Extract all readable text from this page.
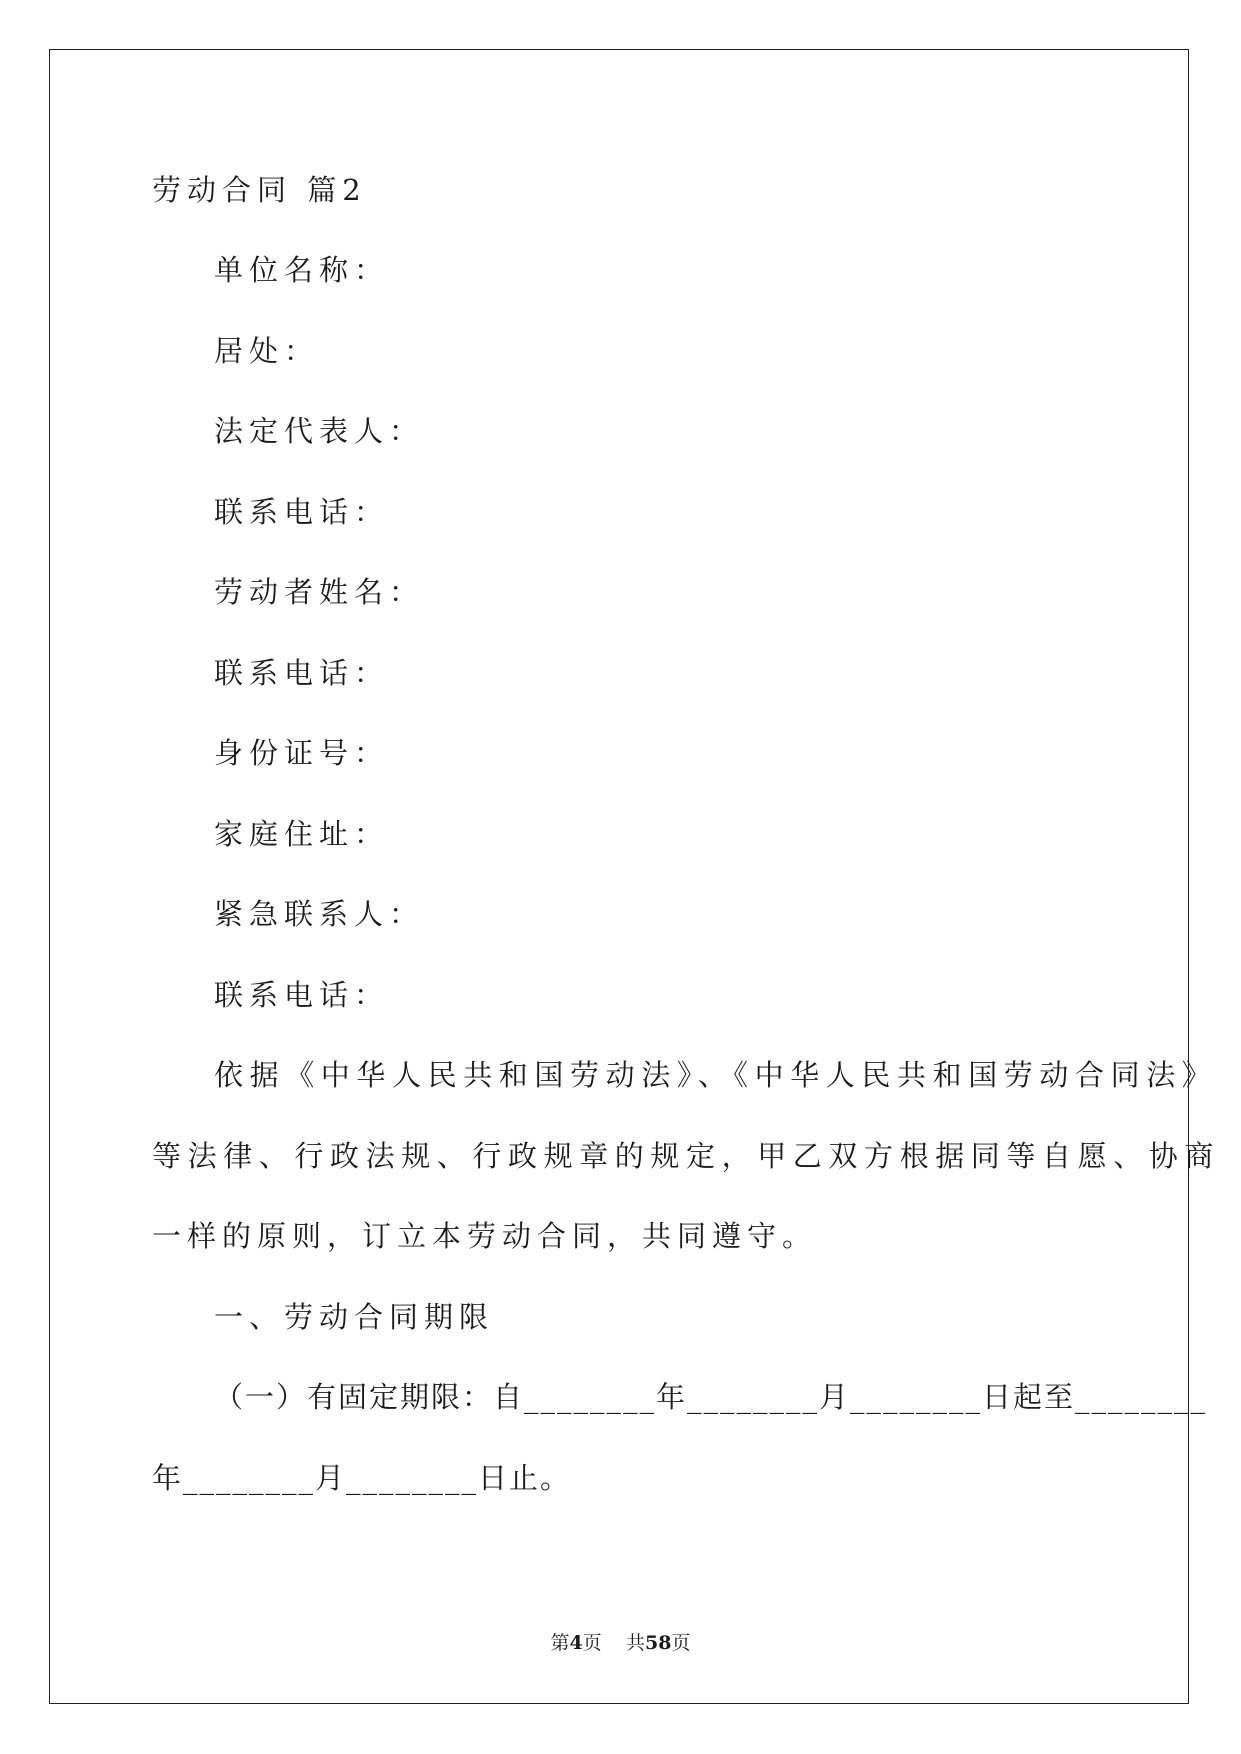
劳动合同 篇2
单位名称：
居处：
法定代表人：
联系电话：
劳动者姓名：
联系电话：
身份证号：
家庭住址：
紧急联系人：
联系电话：
依据《中华人民共和国劳动法》、《中华人民共和国劳动合同法》
等法律、行政法规、行政规章的规定，甲乙双方根据同等自愿、协商
一样的原则，订立本劳动合同，共同遵守。
一、劳动合同期限
（一）有固定期限：自________年________月________日起至________
年________月________日止。
第4页 共58页
